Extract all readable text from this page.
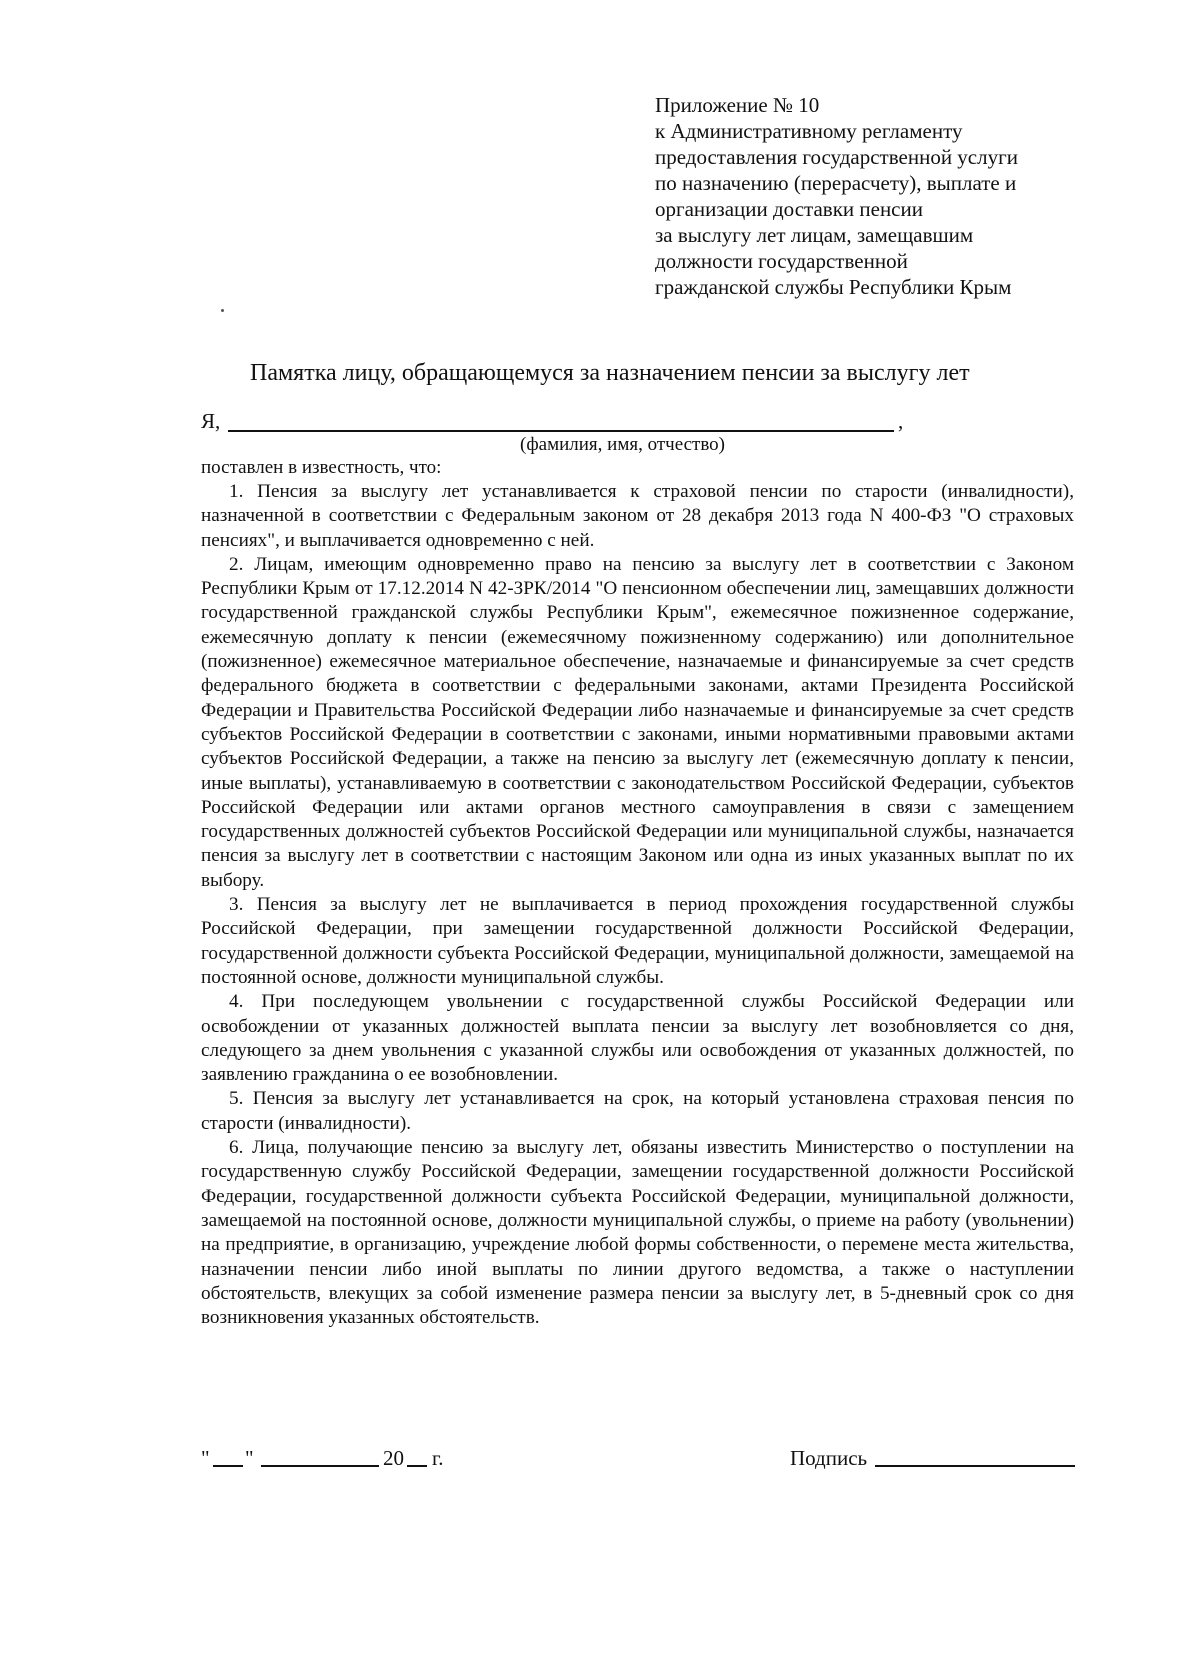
Приложение № 10
к Административному регламенту
предоставления государственной услуги
по назначению (перерасчету), выплате и
организации доставки пенсии
за выслугу лет лицам, замещавшим
должности государственной
гражданской службы Республики Крым
Памятка лицу, обращающемуся за назначением пенсии за выслугу лет
Я,	,
(фамилия, имя, отчество)
поставлен в известность, что:

1. Пенсия за выслугу лет устанавливается к страховой пенсии по старости (инвалидности), назначенной в соответствии с Федеральным законом от 28 декабря 2013 года N 400-ФЗ "О страховых пенсиях", и выплачивается одновременно с ней.

2. Лицам, имеющим одновременно право на пенсию за выслугу лет в соответствии с Законом Республики Крым от 17.12.2014 N 42-ЗРК/2014 "О пенсионном обеспечении лиц, замещавших должности государственной гражданской службы Республики Крым", ежемесячное пожизненное содержание, ежемесячную доплату к пенсии (ежемесячному пожизненному содержанию) или дополнительное (пожизненное) ежемесячное материальное обеспечение, назначаемые и финансируемые за счет средств федерального бюджета в соответствии с федеральными законами, актами Президента Российской Федерации и Правительства Российской Федерации либо назначаемые и финансируемые за счет средств субъектов Российской Федерации в соответствии с законами, иными нормативными правовыми актами субъектов Российской Федерации, а также на пенсию за выслугу лет (ежемесячную доплату к пенсии, иные выплаты), устанавливаемую в соответствии с законодательством Российской Федерации, субъектов Российской Федерации или актами органов местного самоуправления в связи с замещением государственных должностей субъектов Российской Федерации или муниципальной службы, назначается пенсия за выслугу лет в соответствии с настоящим Законом или одна из иных указанных выплат по их выбору.

3. Пенсия за выслугу лет не выплачивается в период прохождения государственной службы Российской Федерации, при замещении государственной должности Российской Федерации, государственной должности субъекта Российской Федерации, муниципальной должности, замещаемой на постоянной основе, должности муниципальной службы.

4. При последующем увольнении с государственной службы Российской Федерации или освобождении от указанных должностей выплата пенсии за выслугу лет возобновляется со дня, следующего за днем увольнения с указанной службы или освобождения от указанных должностей, по заявлению гражданина о ее возобновлении.

5. Пенсия за выслугу лет устанавливается на срок, на который установлена страховая пенсия по старости (инвалидности).

6. Лица, получающие пенсию за выслугу лет, обязаны известить Министерство о поступлении на государственную службу Российской Федерации, замещении государственной должности Российской Федерации, государственной должности субъекта Российской Федерации, муниципальной должности, замещаемой на постоянной основе, должности муниципальной службы, о приеме на работу (увольнении) на предприятие, в организацию, учреждение любой формы собственности, о перемене места жительства, назначении пенсии либо иной выплаты по линии другого ведомства, а также о наступлении обстоятельств, влекущих за собой изменение размера пенсии за выслугу лет, в 5-дневный срок со дня возникновения указанных обстоятельств.

" "	20 г.	Подпись
